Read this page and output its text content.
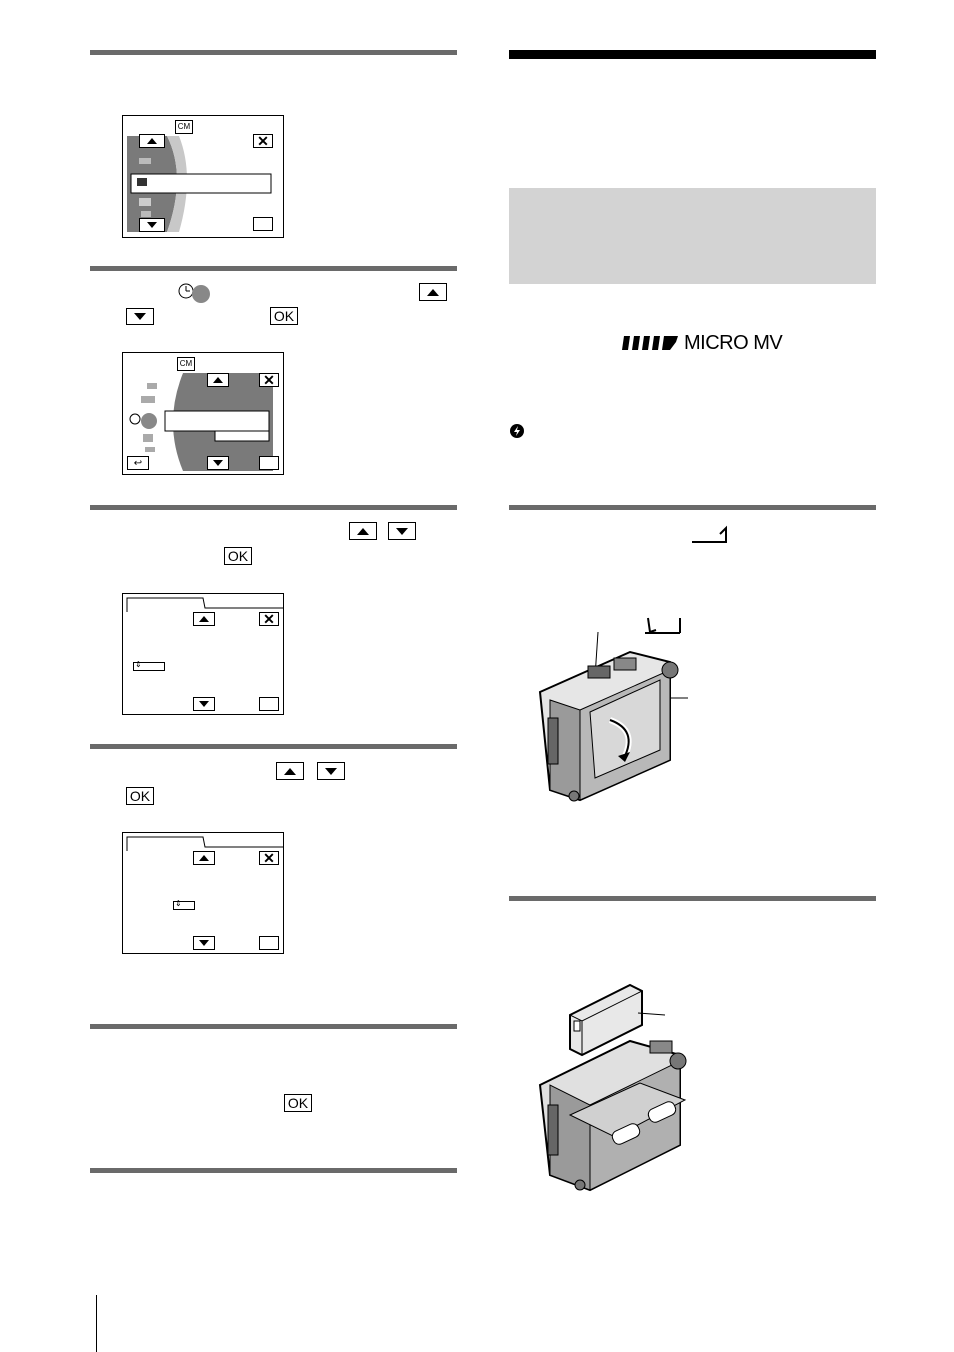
CM
✕
OK
CM
✕
↩
OK
✕
⇕
OK
✕
⇕
OK
MICRO MV
